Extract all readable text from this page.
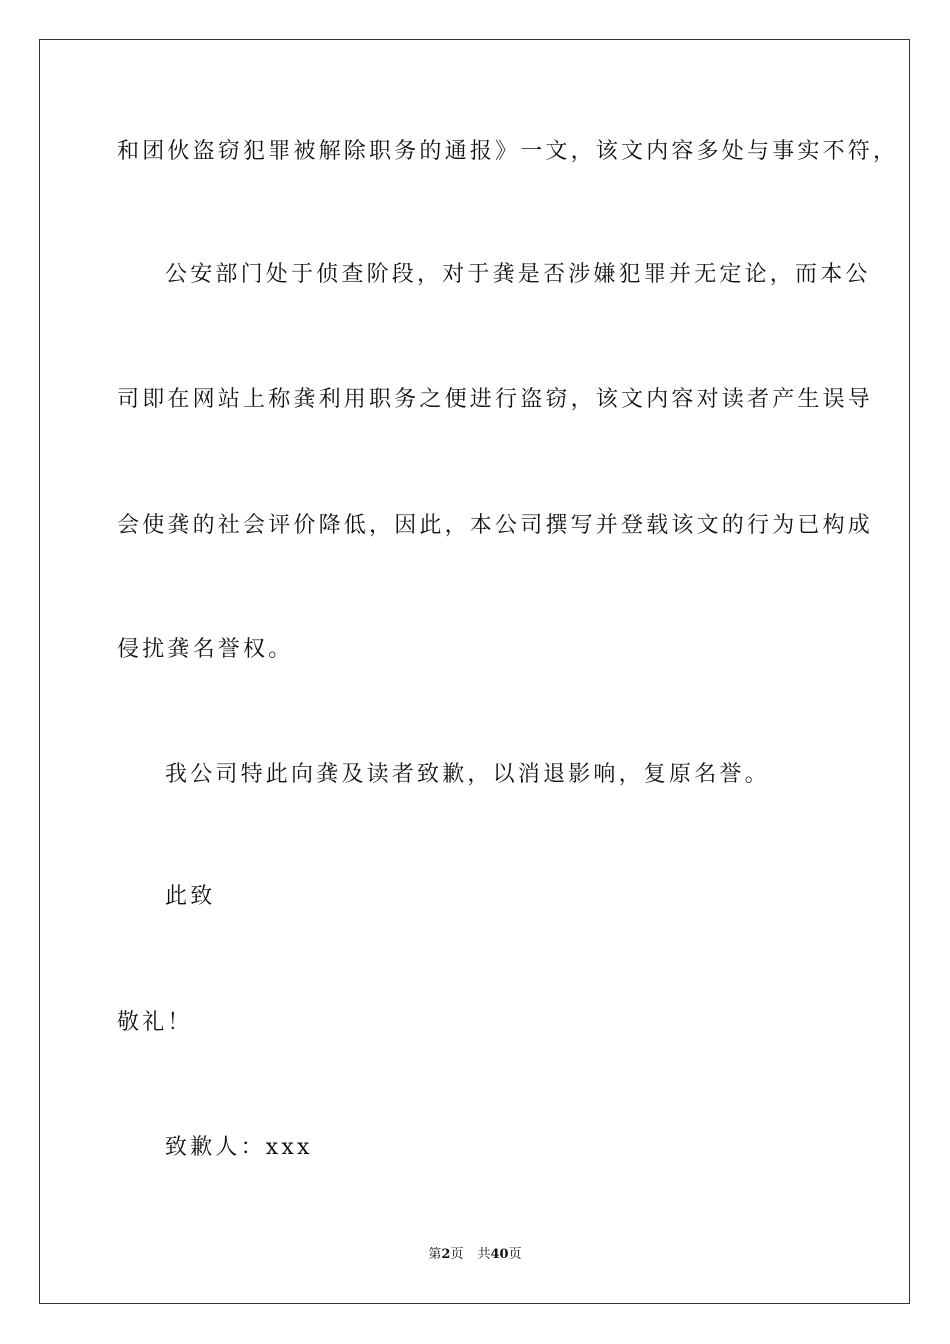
和团伙盗窃犯罪被解除职务的通报》一文，该文内容多处与事实不符，
公安部门处于侦查阶段，对于龚是否涉嫌犯罪并无定论，而本公
司即在网站上称龚利用职务之便进行盗窃，该文内容对读者产生误导
会使龚的社会评价降低，因此，本公司撰写并登载该文的行为已构成
侵扰龚名誉权。
我公司特此向龚及读者致歉，以消退影响，复原名誉。
此致
敬礼！
致歉人：xxx
第2页 共40页
